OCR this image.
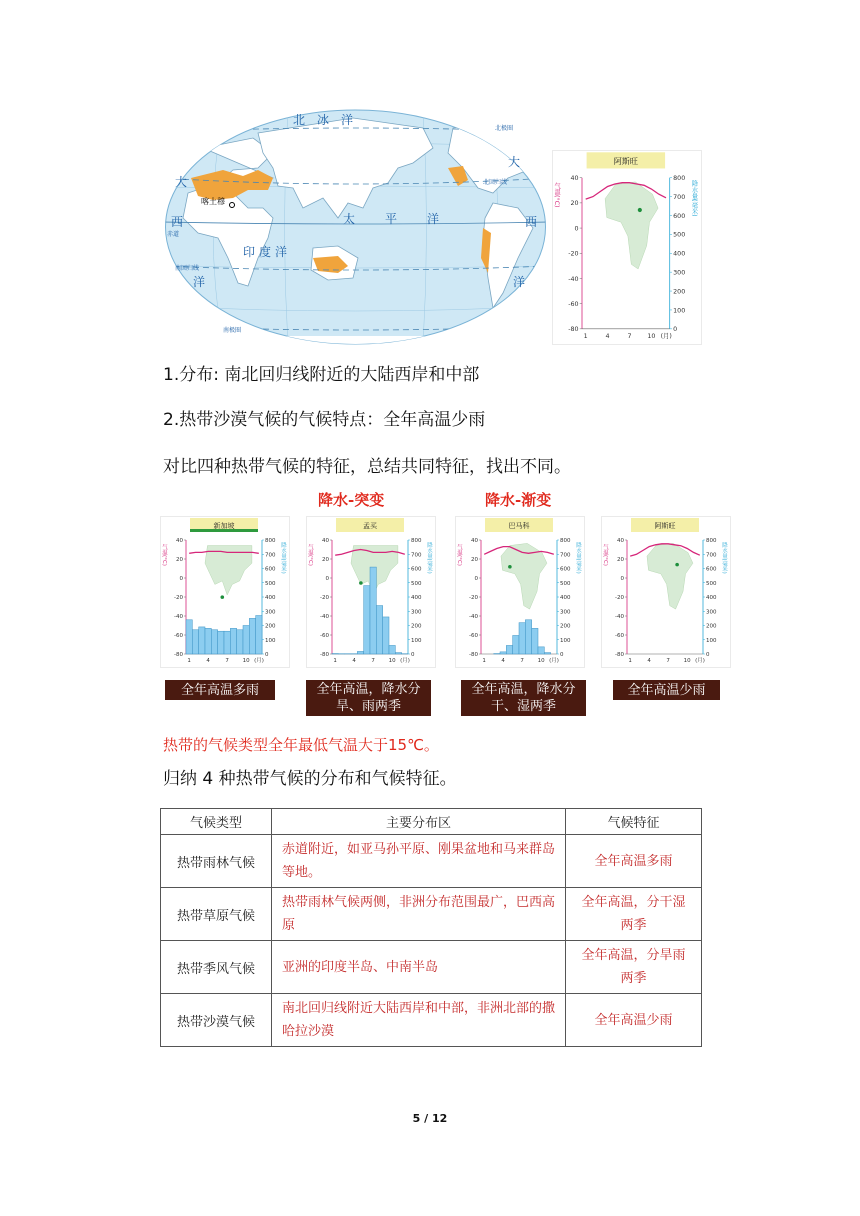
北冰洋
太平洋
印度洋
大
西
洋
大
西
洋
北回归线
赤道
南回归线
北极圈
南极圈
喀土穆
阿斯旺
40
20
0
-20
-40
-60
-80
800
700
600
500
400
300
200
100
0
气温(°C)	降水量(毫米)
1	4	7	10 (月)
1.分布: 南北回归线附近的大陆西岸和中部
2.热带沙漠气候的气候特点：全年高温少雨
对比四种热带气候的特征，总结共同特征，找出不同。
降水-突变	降水-渐变
新加坡
40
20
0
-20
-40
-60
-80
800
700
600
500
400
300
200
100
0
气温(°C)	降水量(毫米)
1	4	7	10 (月)
孟买
40
20
0
-20
-40
-60
-80
800
700
600
500
400
300
200
100
0
气温(°C)	降水量(毫米)
1	4	7	10 (月)
巴马科
40
20
0
-20
-40
-60
-80
800
700
600
500
400
300
200
100
0
气温(°C)	降水量(毫米)
1	4	7	10 (月)
阿斯旺
40
20
0
-20
-40
-60
-80
800
700
600
500
400
300
200
100
0
气温(°C)	降水量(毫米)
1	4	7	10 (月)
全年高温多雨	全年高温，降水分旱、雨两季
全年高温，降水分干、湿两季
全年高温少雨
热带的气候类型全年最低气温大于15℃。
归纳 4 种热带气候的分布和气候特征。
气候类型	主要分布区	气候特征
热带雨林气候	赤道附近，如亚马孙平原、刚果盆地和马来群岛等地。	全年高温多雨
热带草原气候	热带雨林气候两侧，非洲分布范围最广，巴西高原	全年高温，分干湿两季
热带季风气候	亚洲的印度半岛、中南半岛	全年高温，分旱雨两季
热带沙漠气候	南北回归线附近大陆西岸和中部，非洲北部的撒哈拉沙漠	全年高温少雨
5 / 12
